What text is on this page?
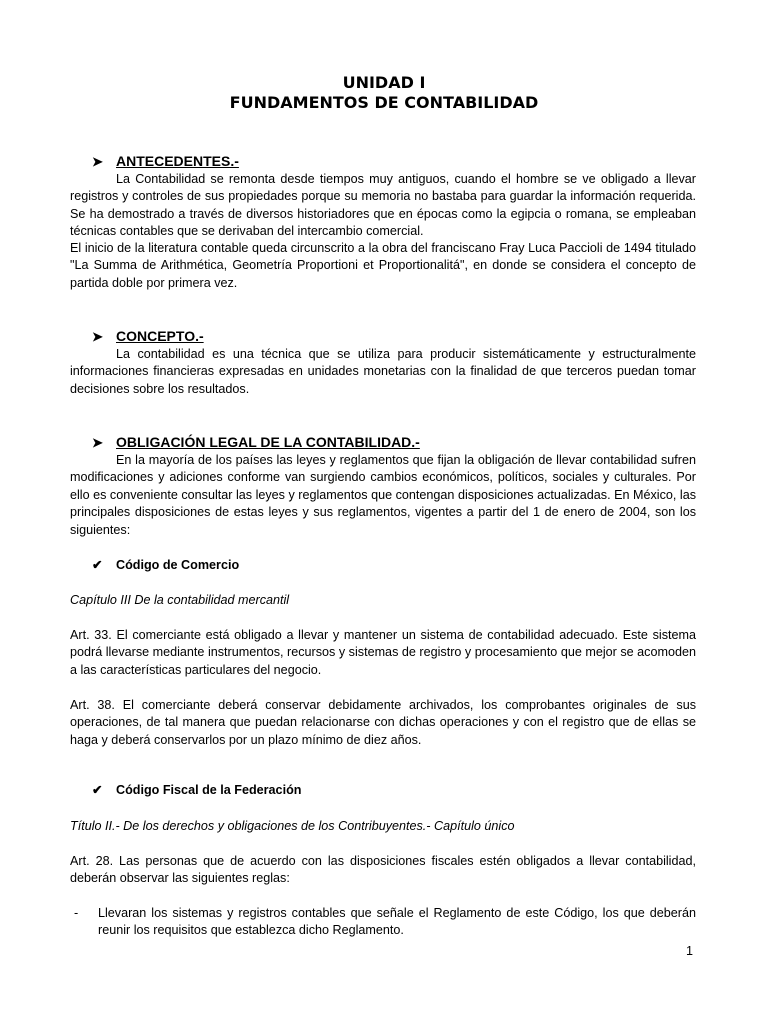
UNIDAD I
FUNDAMENTOS DE CONTABILIDAD
➤ ANTECEDENTES.-

La Contabilidad se remonta desde tiempos muy antiguos, cuando el hombre se ve obligado a llevar registros y controles de sus propiedades porque su memoria no bastaba para guardar la información requerida. Se ha demostrado a través de diversos historiadores que en épocas como la egipcia o romana, se empleaban técnicas contables que se derivaban del intercambio comercial.

El inicio de la literatura contable queda circunscrito a la obra del franciscano Fray Luca Paccioli de 1494 titulado "La Summa de Arithmética, Geometría Proportioni et Proportionalitá", en donde se considera el concepto de partida doble por primera vez.

➤ CONCEPTO.-

La contabilidad es una técnica que se utiliza para producir sistemáticamente y estructuralmente informaciones financieras expresadas en unidades monetarias con la finalidad de que terceros puedan tomar decisiones sobre los resultados.

➤ OBLIGACIÓN LEGAL DE LA CONTABILIDAD.-

En la mayoría de los países las leyes y reglamentos que fijan la obligación de llevar contabilidad sufren modificaciones y adiciones conforme van surgiendo cambios económicos, políticos, sociales y culturales. Por ello es conveniente consultar las leyes y reglamentos que contengan disposiciones actualizadas. En México, las principales disposiciones de estas leyes y sus reglamentos, vigentes a partir del 1 de enero de 2004, son los siguientes:

✔ Código de Comercio
Capítulo III De la contabilidad mercantil

Art. 33. El comerciante está obligado a llevar y mantener un sistema de contabilidad adecuado. Este sistema podrá llevarse mediante instrumentos, recursos y sistemas de registro y procesamiento que mejor se acomoden a las características particulares del negocio.

Art. 38. El comerciante deberá conservar debidamente archivados, los comprobantes originales de sus operaciones, de tal manera que puedan relacionarse con dichas operaciones y con el registro que de ellas se haga y deberá conservarlos por un plazo mínimo de diez años.

✔ Código Fiscal de la Federación
Título II.- De los derechos y obligaciones de los Contribuyentes.- Capítulo único

Art. 28. Las personas que de acuerdo con las disposiciones fiscales estén obligados a llevar contabilidad, deberán observar las siguientes reglas:

- Llevaran los sistemas y registros contables que señale el Reglamento de este Código, los que deberán reunir los requisitos que establezca dicho Reglamento.

1
